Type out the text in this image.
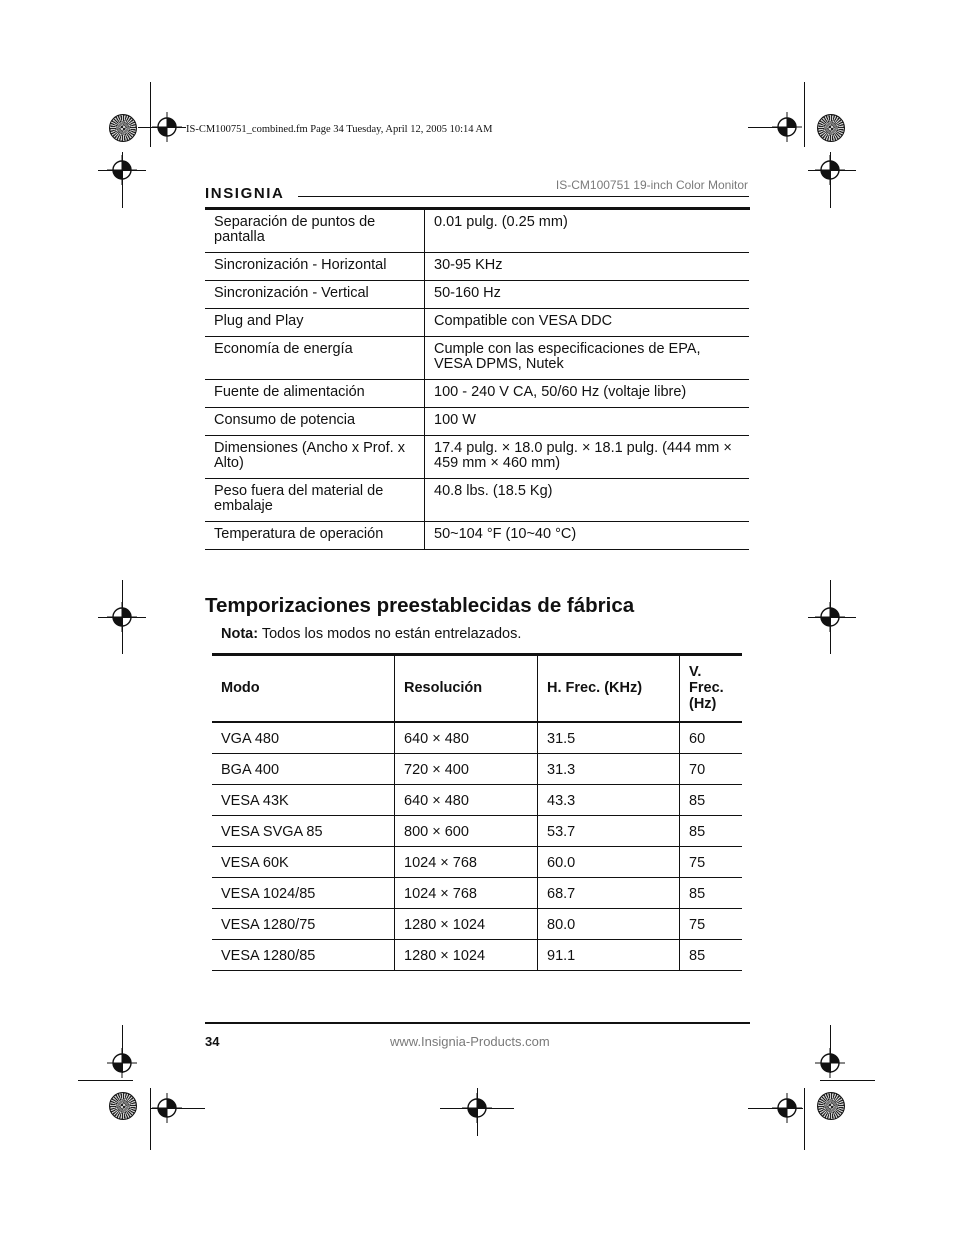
IS-CM100751_combined.fm Page 34 Tuesday, April 12, 2005 10:14 AM
INSIGNIA	IS-CM100751 19-inch Color Monitor
Separación de puntos de pantalla	0.01 pulg. (0.25 mm)
Sincronización - Horizontal	30-95 KHz
Sincronización - Vertical	50-160 Hz
Plug and Play	Compatible con VESA DDC
Economía de energía	Cumple con las especificaciones de EPA, VESA DPMS, Nutek
Fuente de alimentación	100 - 240 V CA, 50/60 Hz (voltaje libre)
Consumo de potencia	100 W
Dimensiones (Ancho x Prof. x Alto)	17.4 pulg. × 18.0 pulg. × 18.1 pulg. (444 mm × 459 mm × 460 mm)
Peso fuera del material de embalaje	40.8 lbs. (18.5 Kg)
Temperatura de operación	50~104 °F (10~40 °C)
Temporizaciones preestablecidas de fábrica
Nota: Todos los modos no están entrelazados.
Modo	Resolución	H. Frec. (KHz)	V. Frec. (Hz)
VGA 480	640 × 480	31.5	60
BGA 400	720 × 400	31.3	70
VESA 43K	640 × 480	43.3	85
VESA SVGA 85	800 × 600	53.7	85
VESA 60K	1024 × 768	60.0	75
VESA 1024/85	1024 × 768	68.7	85
VESA 1280/75	1280 × 1024	80.0	75
VESA 1280/85	1280 × 1024	91.1	85
34	www.Insignia-Products.com
